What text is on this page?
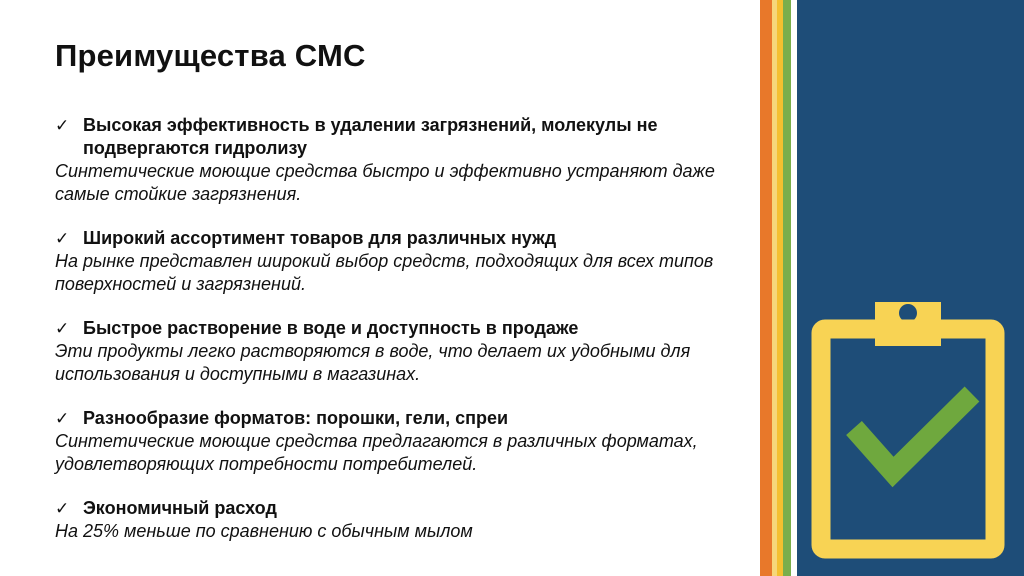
Преимущества СМС
✓ Высокая эффективность в удалении загрязнений, молекулы не подвергаются гидролизу
Синтетические моющие средства быстро и эффективно устраняют даже самые стойкие загрязнения.
✓ Широкий ассортимент товаров для различных нужд
На рынке представлен широкий выбор средств, подходящих для всех типов поверхностей и загрязнений.
✓ Быстрое растворение в воде и доступность в продаже
Эти продукты легко растворяются в воде, что делает их удобными для использования и доступными в магазинах.
✓ Разнообразие форматов: порошки, гели, спреи
Синтетические моющие средства предлагаются в различных форматах, удовлетворяющих потребности потребителей.
✓ Экономичный расход
На 25% меньше по сравнению с обычным мылом
